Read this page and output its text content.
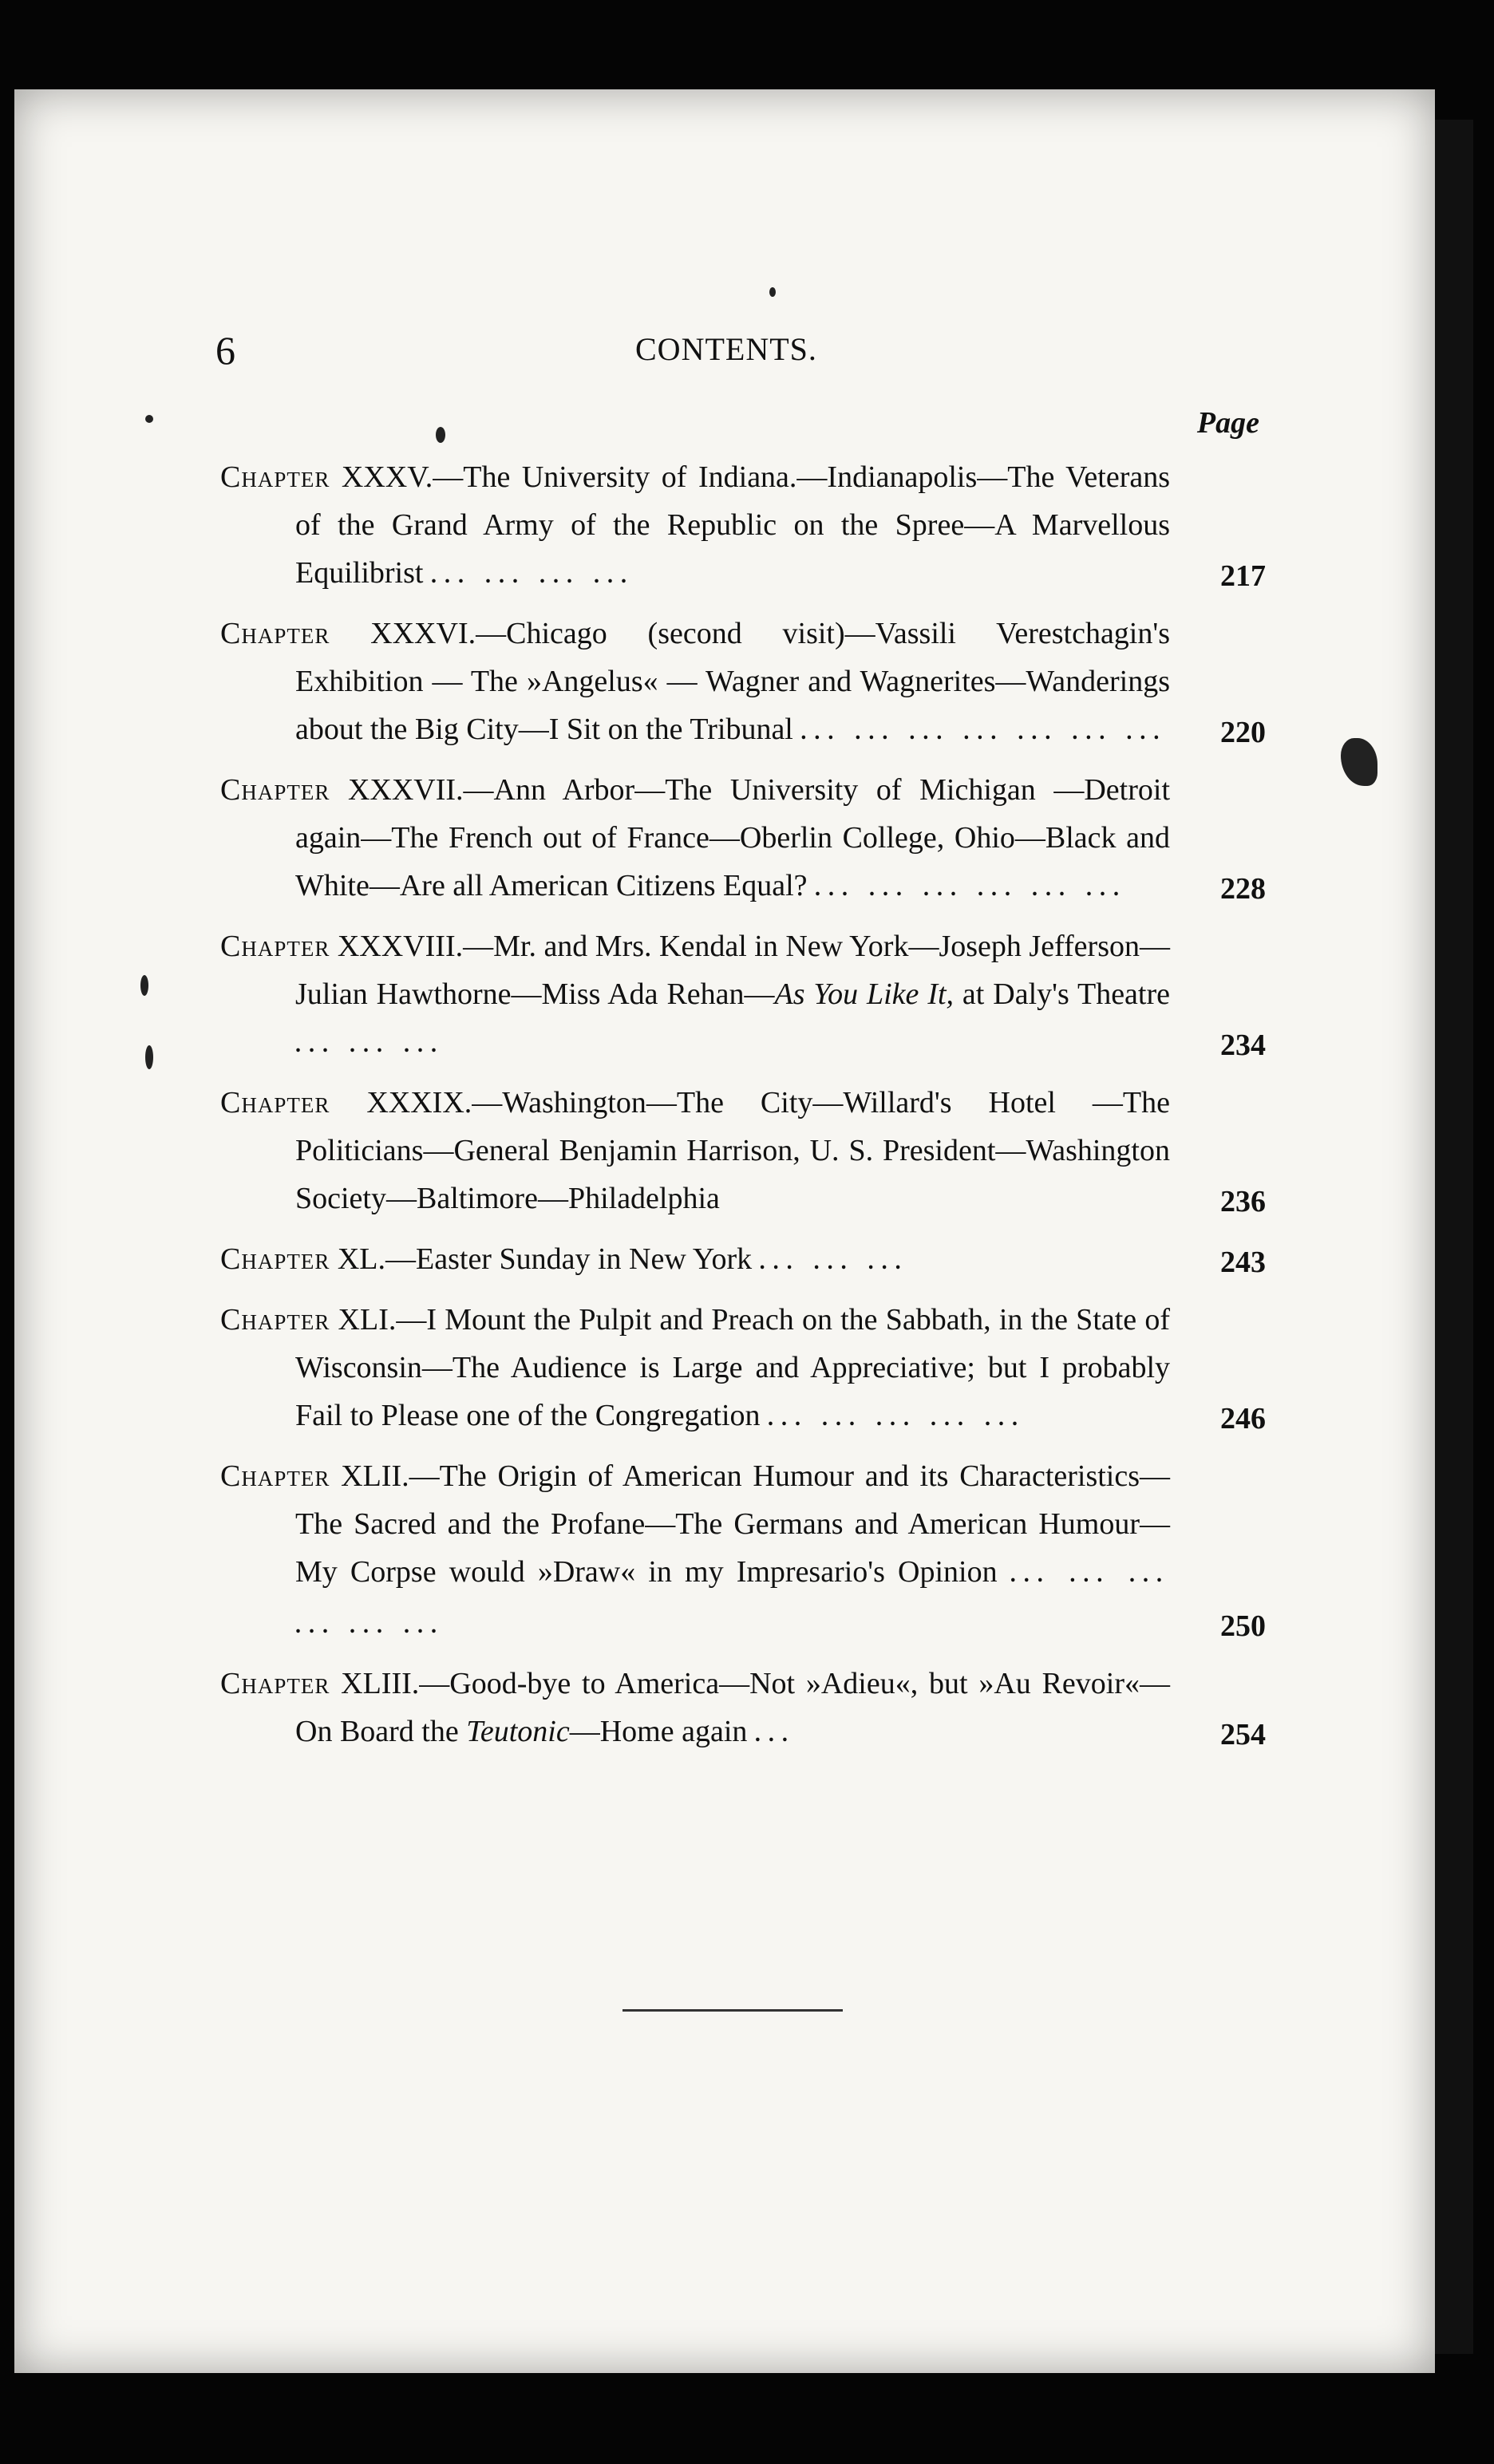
6	CONTENTS.
Page
Chapter XXXV.—The University of Indiana.—Indianapolis—The Veterans of the Grand Army of the Republic on the Spree—A Marvellous Equilibrist ... ... ... ...	217
Chapter XXXVI.—Chicago (second visit)—Vassili Verestchagin's Exhibition — The »Angelus« — Wagner and Wagnerites—Wanderings about the Big City—I Sit on the Tribunal ... ... ... ... ... ... ...	220
Chapter XXXVII.—Ann Arbor—The University of Michigan —Detroit again—The French out of France—Oberlin College, Ohio—Black and White—Are all American Citizens Equal? ... ... ... ... ... ...	228
Chapter XXXVIII.—Mr. and Mrs. Kendal in New York—Joseph Jefferson—Julian Hawthorne—Miss Ada Rehan—As You Like It, at Daly's Theatre ... ... ...	234
Chapter XXXIX.—Washington—The City—Willard's Hotel —The Politicians—General Benjamin Harrison, U. S. President—Washington Society—Baltimore—Philadelphia	236
Chapter XL.—Easter Sunday in New York ... ... ...	243
Chapter XLI.—I Mount the Pulpit and Preach on the Sabbath, in the State of Wisconsin—The Audience is Large and Appreciative; but I probably Fail to Please one of the Congregation ... ... ... ... ...	246
Chapter XLII.—The Origin of American Humour and its Characteristics—The Sacred and the Profane—The Germans and American Humour—My Corpse would »Draw« in my Impresario's Opinion ... ... ... ... ... ...	250
Chapter XLIII.—Good-bye to America—Not »Adieu«, but »Au Revoir«—On Board the Teutonic—Home again ...	254
